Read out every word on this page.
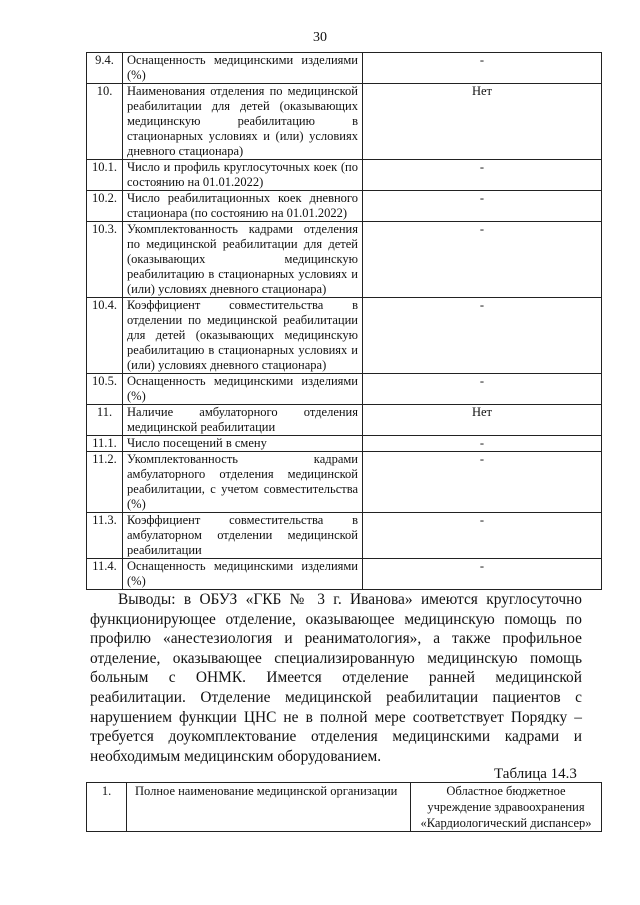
30
9.4.	Оснащенность медицинскими изделиями (%)	-
10.	Наименования отделения по медицинской реабилитации для детей (оказывающих медицинскую реабилитацию в стационарных условиях и (или) условиях дневного стационара)	Нет
10.1.	Число и профиль круглосуточных коек (по состоянию на 01.01.2022)	-
10.2.	Число реабилитационных коек дневного стационара (по состоянию на 01.01.2022)	-
10.3.	Укомплектованность кадрами отделения по медицинской реабилитации для детей (оказывающих медицинскую реабилитацию в стационарных условиях и (или) условиях дневного стационара)	-
10.4.	Коэффициент совместительства в отделении по медицинской реабилитации для детей (оказывающих медицинскую реабилитацию в стационарных условиях и (или) условиях дневного стационара)	-
10.5.	Оснащенность медицинскими изделиями (%)	-
11.	Наличие амбулаторного отделения медицинской реабилитации	Нет
11.1.	Число посещений в смену	-
11.2.	Укомплектованность кадрами амбулаторного отделения медицинской реабилитации, с учетом совместительства (%)	-
11.3.	Коэффициент совместительства в амбулаторном отделении медицинской реабилитации	-
11.4.	Оснащенность медицинскими изделиями (%)	-

Выводы: в ОБУЗ «ГКБ № 3 г. Иванова» имеются круглосуточно функционирующее отделение, оказывающее медицинскую помощь по профилю «анестезиология и реаниматология», а также профильное отделение, оказывающее специализированную медицинскую помощь больным с ОНМК. Имеется отделение ранней медицинской реабилитации. Отделение медицинской реабилитации пациентов с нарушением функции ЦНС не в полной мере соответствует Порядку – требуется доукомплектование отделения медицинскими кадрами и необходимым медицинским оборудованием.

Таблица 14.3
1.	Полное наименование медицинской организации	Областное бюджетное учреждение здравоохранения «Кардиологический диспансер»
